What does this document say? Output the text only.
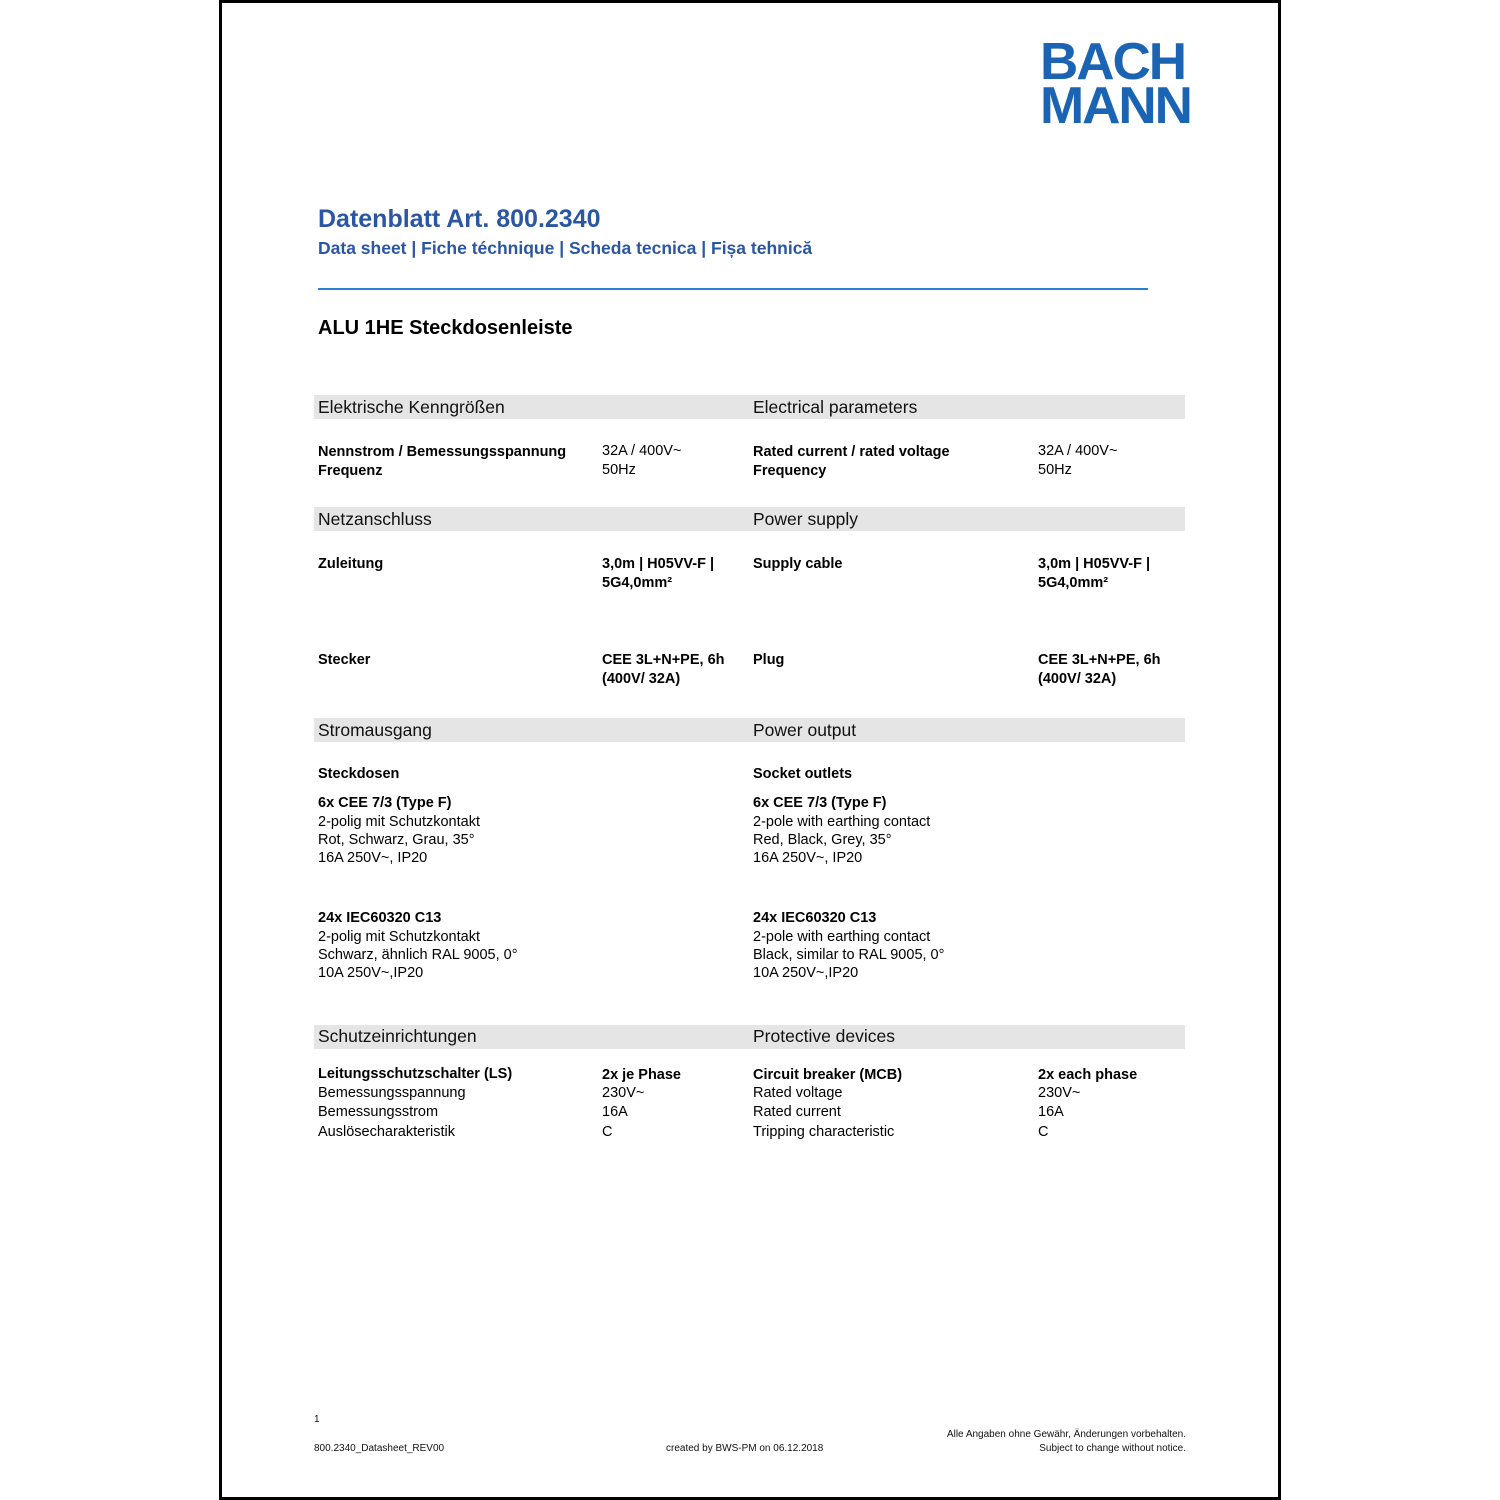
BACH
MANN
Datenblatt Art. 800.2340
Data sheet | Fiche téchnique | Scheda tecnica | Fișa tehnică
ALU 1HE Steckdosenleiste
Elektrische Kenngrößen	Electrical parameters
Nennstrom / Bemessungsspannung 32A / 400V~
Frequenz	50Hz
Rated current / rated voltage	32A / 400V~
Frequency	50Hz
Netzanschluss	Power supply
Zuleitung	3,0m | H05VV-F |
5G4,0mm²
Stecker	CEE 3L+N+PE, 6h
(400V/ 32A)
Supply cable	3,0m | H05VV-F |
5G4,0mm²
Plug	CEE 3L+N+PE, 6h
(400V/ 32A)
Stromausgang	Power output
Steckdosen
6x CEE 7/3 (Type F)
2-polig mit Schutzkontakt
Rot, Schwarz, Grau, 35°
16A 250V~, IP20
24x IEC60320 C13
2-polig mit Schutzkontakt
Schwarz, ähnlich RAL 9005, 0°
10A 250V~,IP20
Socket outlets
6x CEE 7/3 (Type F)
2-pole with earthing contact
Red, Black, Grey, 35°
16A 250V~, IP20
24x IEC60320 C13
2-pole with earthing contact
Black, similar to RAL 9005, 0°
10A 250V~,IP20
Schutzeinrichtungen	Protective devices
Leitungsschutzschalter (LS)	2x je Phase
Bemessungsspannung	230V~
Bemessungsstrom	16A
Auslösecharakteristik	C
Circuit breaker (MCB)	2x each phase
Rated voltage	230V~
Rated current	16A
Tripping characteristic	C
1
800.2340_Datasheet_REV00	created by BWS-PM on 06.12.2018
Alle Angaben ohne Gewähr, Änderungen vorbehalten.
Subject to change without notice.
